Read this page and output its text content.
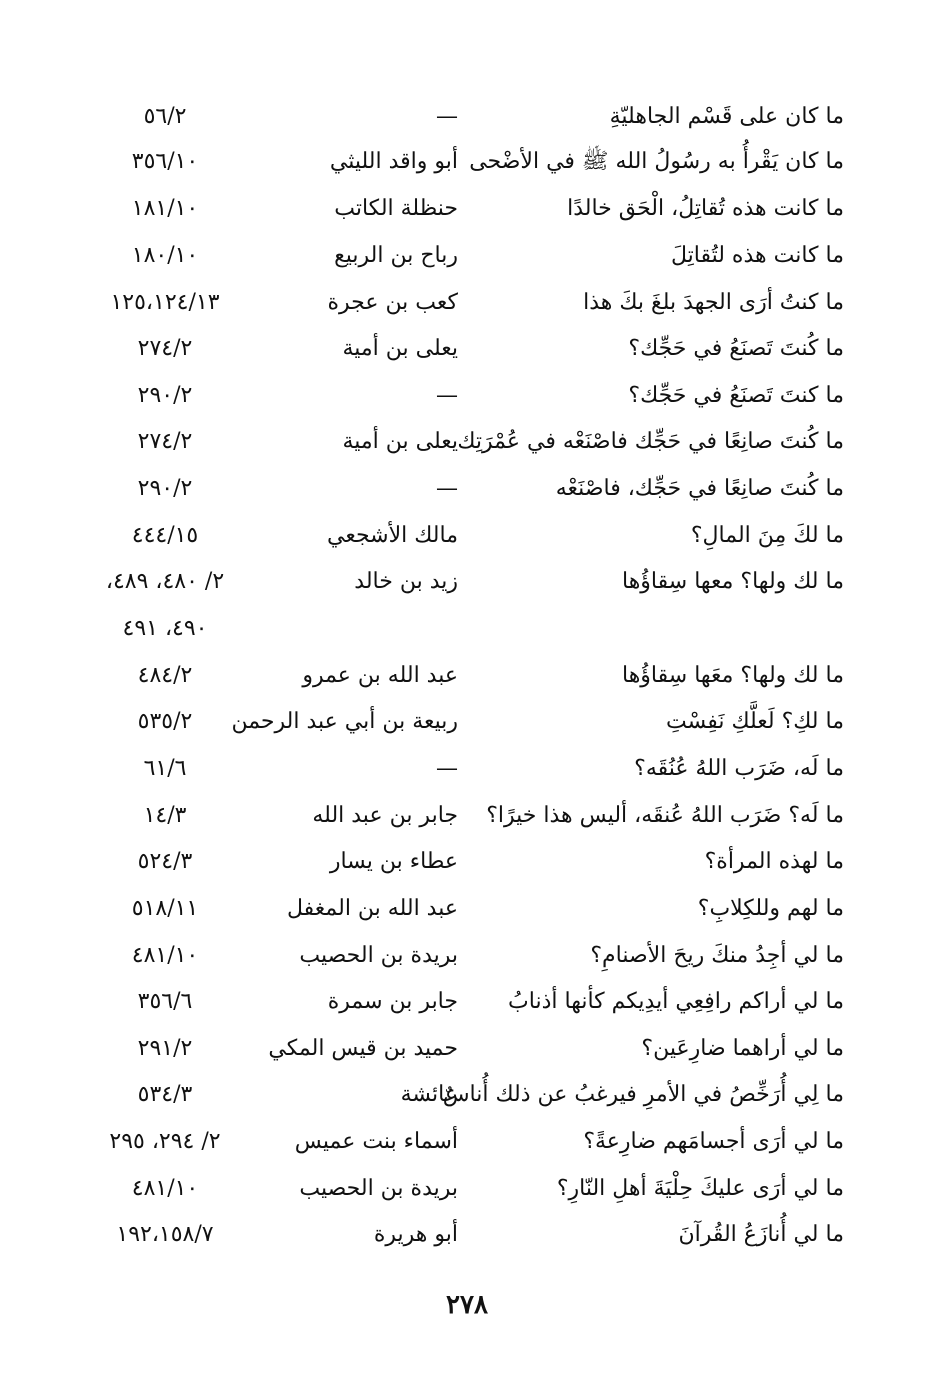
ما كان على قَسْم الجاهليّةِ
—
٥٦/٢
ما كان يَقْرأُ به رسُولُ الله ﷺ في الأضْحى
أبو واقد الليثي
٣٥٦/١٠
ما كانت هذه تُقاتِلُ، الْحَق خالدًا
حنظلة الكاتب
١٨١/١٠
ما كانت هذه لتُقاتِلَ
رباح بن الربيع
١٨٠/١٠
ما كنتُ أرَى الجهدَ بلغَ بكَ هذا
كعب بن عجرة
١٢٥،١٢٤/١٣
ما كُنتَ تَصنَعُ في حَجِّك؟
يعلى بن أمية
٢٧٤/٢
ما كنتَ تَصنَعُ في حَجِّك؟
—
٢٩٠/٢
ما كُنتَ صانِعًا في حَجِّك فاصْنَعْه في عُمْرَتِك
يعلى بن أمية
٢٧٤/٢
ما كُنتَ صانِعًا في حَجِّك، فاصْنَعْه
—
٢٩٠/٢
ما لكَ مِنَ المالِ؟
مالك الأشجعي
٤٤٤/١٥
ما لك ولها؟ معها سِقاؤُها
زيد بن خالد
٢/ ٤٨٠، ٤٨٩،
٤٩٠، ٤٩١
ما لك ولها؟ معَها سِقاؤُها
عبد الله بن عمرو
٤٨٤/٢
ما لكِ؟ لَعلَّكِ نَفِسْتِ
ربيعة بن أبي عبد الرحمن
٥٣٥/٢
ما لَه، ضَرَب اللهُ عُنُقَه؟
—
٦١/٦
ما لَه؟ ضَرَب اللهُ عُنقَه، أليس هذا خيرًا؟
جابر بن عبد الله
١٤/٣
ما لهذه المرأة؟
عطاء بن يسار
٥٢٤/٣
ما لهم وللكِلابِ؟
عبد الله بن المغفل
٥١٨/١١
ما لي أجِدُ منكَ ريحَ الأصنامِ؟
بريدة بن الحصيب
٤٨١/١٠
ما لي أراكم رافِعِي أيدِيكم كأنها أذنابُ
جابر بن سمرة
٣٥٦/٦
ما لي أراهما ضارِعَين؟
حميد بن قيس المكي
٢٩١/٢
ما لِي أُرَخِّصُ في الأمرِ فيرغبُ عن ذلك أُناسٌ
عائشة
٥٣٤/٣
ما لي أرَى أجسامَهم ضارِعةً؟
أسماء بنت عميس
٢/ ٢٩٤، ٢٩٥
ما لي أرَى عليكَ حِلْيَةَ أهلِ النّارِ؟
بريدة بن الحصيب
٤٨١/١٠
ما لي أُنازَعُ القُرآنَ
أبو هريرة
١٩٢،١٥٨/٧
٢٧٨
